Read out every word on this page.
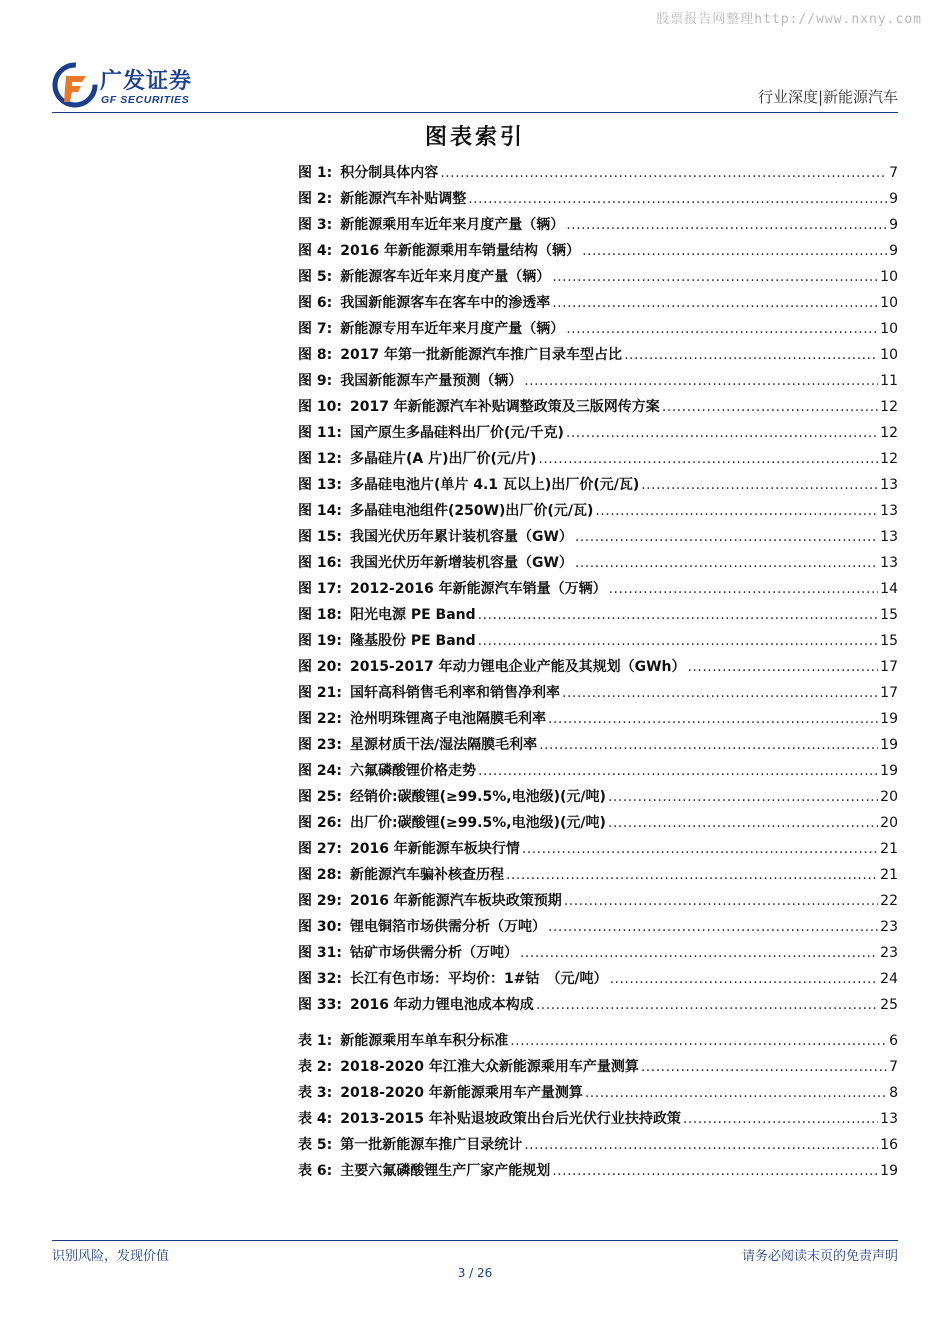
股票报告网整理http://www.nxny.com
广发证券
GF SECURITIES	行业深度|新能源汽车
图表索引
图 1: 积分制具体内容 .....	7
图 2: 新能源汽车补贴调整 .....	9
图 3: 新能源乘用车近年来月度产量（辆） .....	9
图 4: 2016 年新能源乘用车销量结构（辆） .....	9
图 5: 新能源客车近年来月度产量（辆） .....	10
图 6: 我国新能源客车在客车中的渗透率 .....	10
图 7: 新能源专用车近年来月度产量（辆） .....	10
图 8: 2017 年第一批新能源汽车推广目录车型占比 .....	10
图 9: 我国新能源车产量预测（辆） .....	11
图 10: 2017 年新能源汽车补贴调整政策及三版网传方案 .....	12
图 11: 国产原生多晶硅料出厂价(元/千克) .....	12
图 12: 多晶硅片(A 片)出厂价(元/片) .....	12
图 13: 多晶硅电池片(单片 4.1 瓦以上)出厂价(元/瓦) .....	13
图 14: 多晶硅电池组件(250W)出厂价(元/瓦) .....	13
图 15: 我国光伏历年累计装机容量（GW） .....	13
图 16: 我国光伏历年新增装机容量（GW） .....	13
图 17: 2012-2016 年新能源汽车销量（万辆） .....	14
图 18: 阳光电源 PE Band .....	15
图 19: 隆基股份 PE Band .....	15
图 20: 2015-2017 年动力锂电企业产能及其规划（GWh） .....	17
图 21: 国轩高科销售毛利率和销售净利率 .....	17
图 22: 沧州明珠锂离子电池隔膜毛利率 .....	19
图 23: 星源材质干法/湿法隔膜毛利率 .....	19
图 24: 六氟磷酸锂价格走势 .....	19
图 25: 经销价:碳酸锂(≥99.5%,电池级)(元/吨) .....	20
图 26: 出厂价:碳酸锂(≥99.5%,电池级)(元/吨) .....	20
图 27: 2016 年新能源车板块行情 .....	21
图 28: 新能源汽车骗补核查历程 .....	21
图 29: 2016 年新能源汽车板块政策预期 .....	22
图 30: 锂电铜箔市场供需分析（万吨） .....	23
图 31: 钴矿市场供需分析（万吨） .....	23
图 32: 长江有色市场：平均价：1#钴　（元/吨） .....	24
图 33: 2016 年动力锂电池成本构成 .....	25
表 1: 新能源乘用车单车积分标准 .....	6
表 2: 2018-2020 年江淮大众新能源乘用车产量测算 .....	7
表 3: 2018-2020 年新能源乘用车产量测算 .....	8
表 4: 2013-2015 年补贴退坡政策出台后光伏行业扶持政策 .....	13
表 5: 第一批新能源车推广目录统计 .....	16
表 6: 主要六氟磷酸锂生产厂家产能规划 .....	19
识别风险，发现价值	请务必阅读末页的免责声明
3 / 26
